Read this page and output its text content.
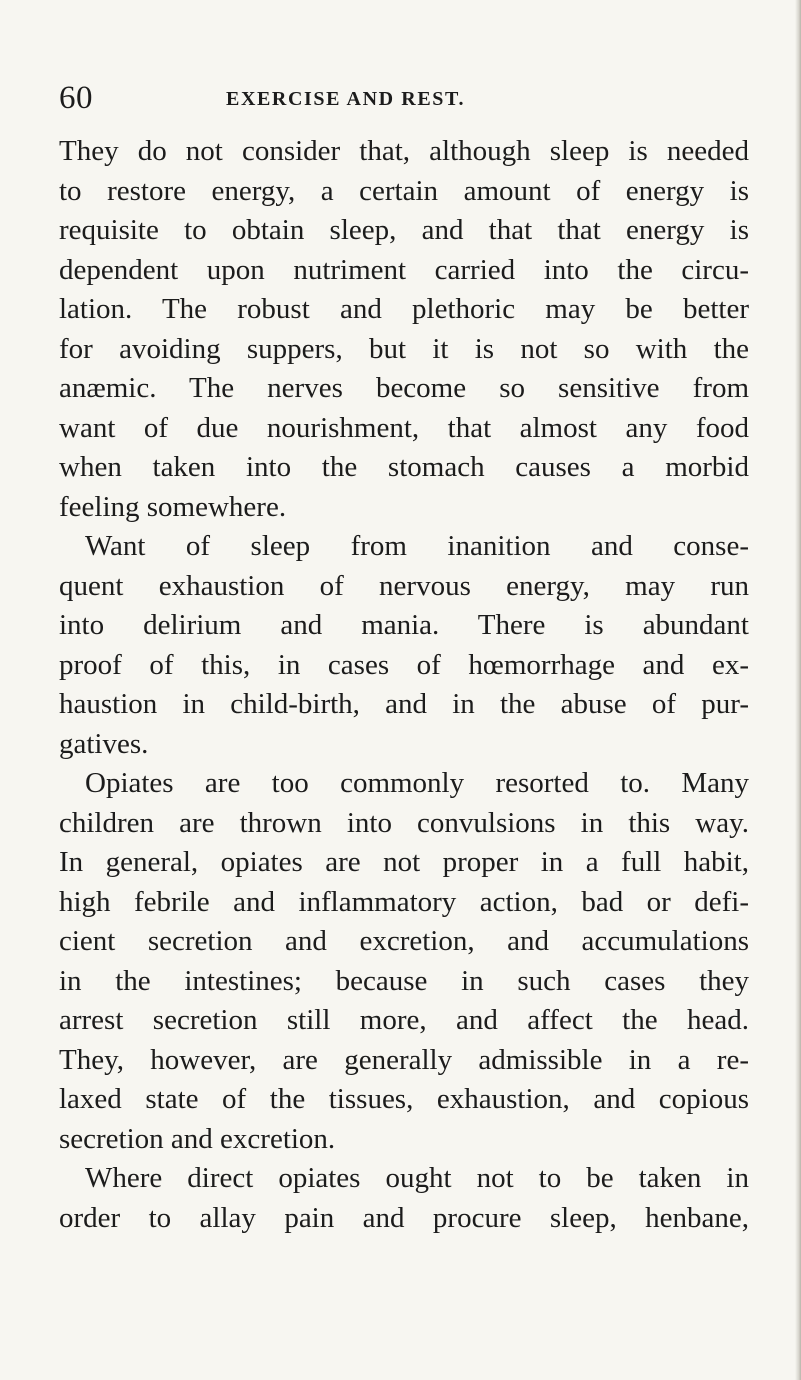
60	EXERCISE AND REST.
They do not consider that, although sleep is needed
to restore energy, a certain amount of energy is
requisite to obtain sleep, and that that energy is
dependent upon nutriment carried into the circu-
lation. The robust and plethoric may be better
for avoiding suppers, but it is not so with the
anæmic. The nerves become so sensitive from
want of due nourishment, that almost any food
when taken into the stomach causes a morbid
feeling somewhere.
Want of sleep from inanition and conse-
quent exhaustion of nervous energy, may run
into delirium and mania. There is abundant
proof of this, in cases of hœmorrhage and ex-
haustion in child-birth, and in the abuse of pur-
gatives.
Opiates are too commonly resorted to. Many
children are thrown into convulsions in this way.
In general, opiates are not proper in a full habit,
high febrile and inflammatory action, bad or defi-
cient secretion and excretion, and accumulations
in the intestines; because in such cases they
arrest secretion still more, and affect the head.
They, however, are generally admissible in a re-
laxed state of the tissues, exhaustion, and copious
secretion and excretion.
Where direct opiates ought not to be taken in
order to allay pain and procure sleep, henbane,
